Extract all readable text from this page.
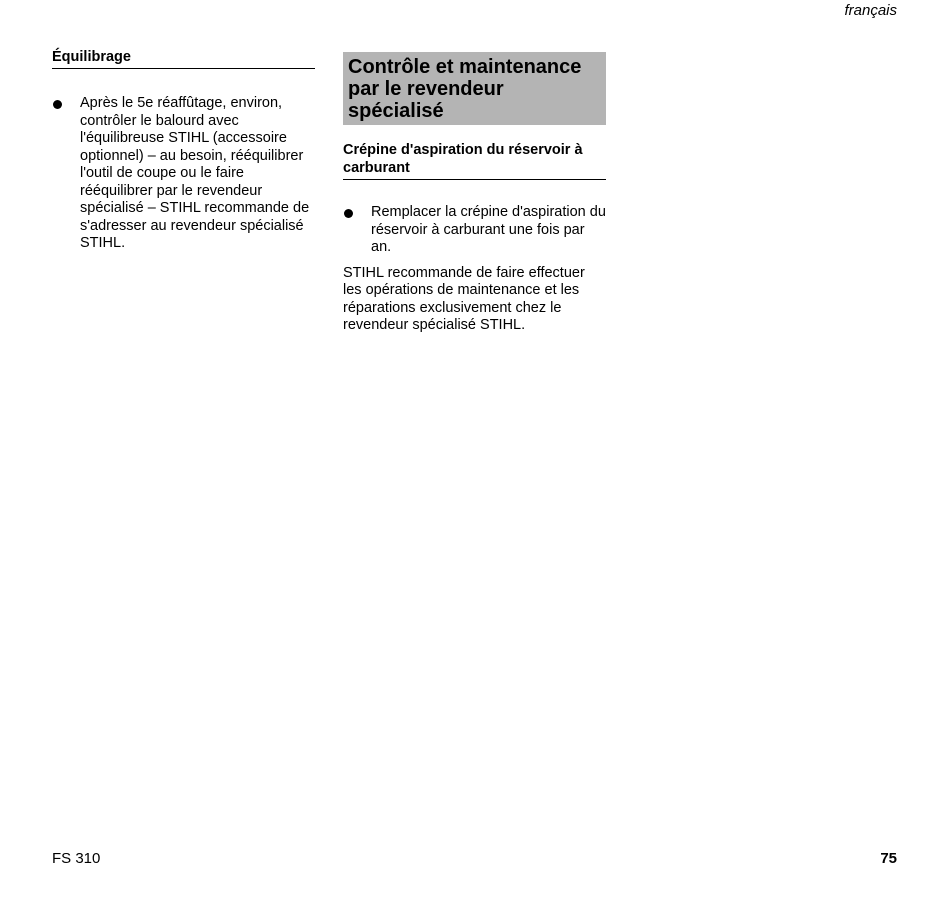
français
Équilibrage
Après le 5e réaffûtage, environ, contrôler le balourd avec l'équilibreuse STIHL (accessoire optionnel) – au besoin, rééquilibrer l'outil de coupe ou le faire rééquilibrer par le revendeur spécialisé – STIHL recommande de s'adresser au revendeur spécialisé STIHL.
Contrôle et maintenance par le revendeur spécialisé
Crépine d'aspiration du réservoir à carburant
Remplacer la crépine d'aspiration du réservoir à carburant une fois par an.

STIHL recommande de faire effectuer les opérations de maintenance et les réparations exclusivement chez le revendeur spécialisé STIHL.

FS 310	75
